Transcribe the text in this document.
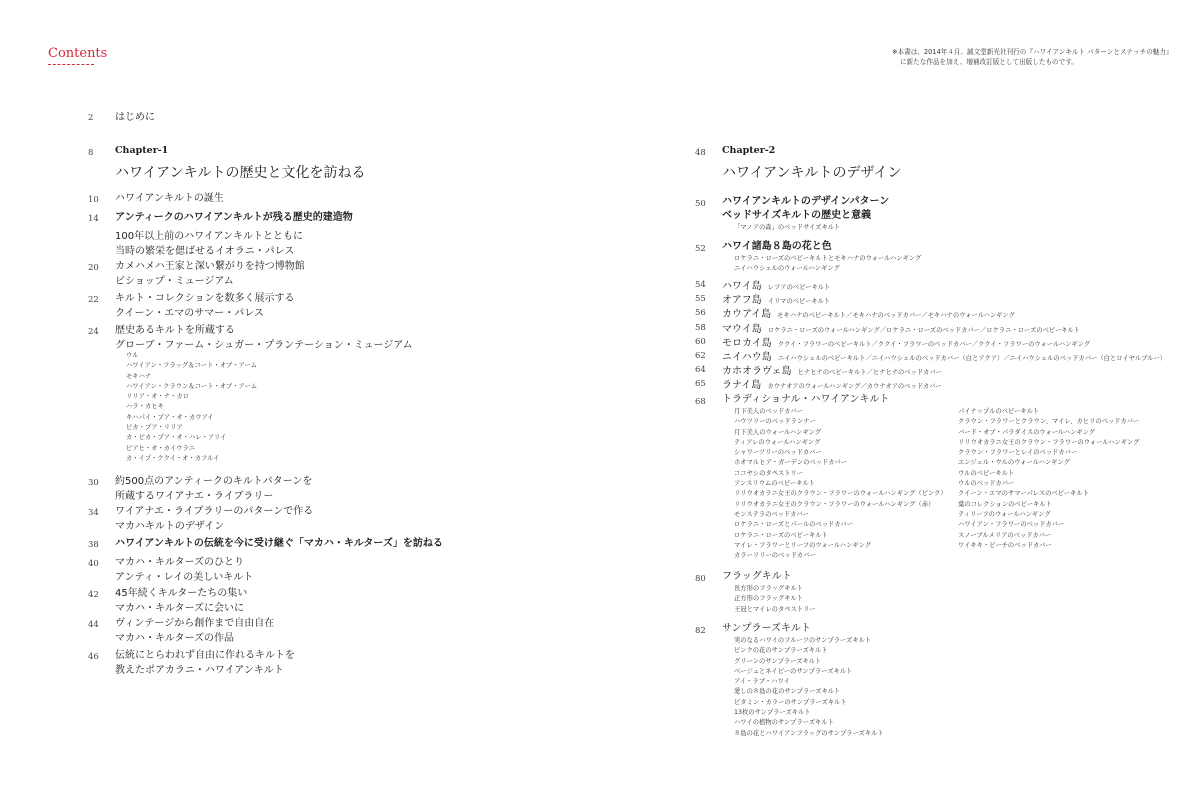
Contents	※本書は、2014年４月、誠文堂新光社刊行の『ハワイアンキルト パターンとステッチの魅力』
に新たな作品を加え、増補改訂版として出版したものです。
2 はじめに
8 Chapter-1
ハワイアンキルトの歴史と文化を訪ねる
10 ハワイアンキルトの誕生
14 アンティークのハワイアンキルトが残る歴史的建造物
100年以上前のハワイアンキルトとともに
当時の繁栄を偲ばせるイオラニ・パレス
20 カメハメハ王家と深い繋がりを持つ博物館
ビショップ・ミュージアム
22 キルト・コレクションを数多く展示する
クイーン・エマのサマー・パレス
24 歴史あるキルトを所蔵する
グローブ・ファーム・シュガー・プランテーション・ミュージアム
30 約500点のアンティークのキルトパターンを
所蔵するワイアナエ・ライブラリー
34 ワイアナエ・ライブラリーのパターンで作る
マカハキルトのデザイン
38 ハワイアンキルトの伝統を今に受け継ぐ「マカハ・キルターズ」を訪ねる
40 マカハ・キルターズのひとり
アンティ・レイの美しいキルト
42 45年続くキルターたちの集い
マカハ・キルターズに会いに
44 ヴィンテージから創作まで自由自在
マカハ・キルターズの作品
46 伝統にとらわれず自由に作れるキルトを
教えたポアカラニ・ハワイアンキルト
ウル
ハワイアン・フラッグ＆コート・オブ・アーム
モキハナ
ハワイアン・クラウン＆コート・オブ・アーム
リリア・オ・ナ・カロ
ハラ・カヒキ
キハパイ・プア・オ・カウアイ
ピカ・プア・リリア
カ・ピカ・プア・オ・ハレ・アリイ
ピアヒ・オ・カイウラニ
カ・イプ・ククイ・オ・カフルイ
48 Chapter-2
ハワイアンキルトのデザイン
50 ハワイアンキルトのデザインパターン
ベッドサイズキルトの歴史と意義
「マノアの森」のベッドサイズキルト
52 ハワイ諸島８島の花と色
ロケラニ・ローズのベビーキルトとモキハナのウォールハンギング
ニイハウシェルのウォールハンギング
54 ハワイ島 レフアのベビーキルト
55 オアフ島 イリマのベビーキルト
56 カウアイ島 モキハナのベビーキルト／モキハナのベッドカバー／モキハナのウォールハンギング
58 マウイ島 ロケラニ・ローズのウォールハンギング／ロケラニ・ローズのベッドカバー／ロケラニ・ローズのベビーキルト
60 モロカイ島 ククイ・フラワーのベビーキルト／ククイ・フラワーのベッドカバー／ククイ・フラワーのウォールハンギング
62 ニイハウ島 ニイハウシェルのベビーキルト／ニイハウシェルのベッドカバー（白とアクア）／ニイハウシェルのベッドカバー（白とロイヤルブルー）
64 カホオラヴェ島 ヒナヒナのベビーキルト／ヒナヒナのベッドカバー
65 ラナイ島 カウナオアのウォールハンギング／カウナオアのベッドカバー
68 トラディショナル・ハワイアンキルト
月下美人のベッドカバー
ハウツリーのベッドランナー
月下美人のウォールハンギング
ティアレのウォールハンギング
シャワーツリーのベッドカバー
ホオマルヒア・ガーデンのベッドカバー
ココヤシのタペストリー
アンスリウムのベビーキルト
リリウオカラニ女王のクラウン・フラワーのウォールハンギング（ピンク）
リリウオカラニ女王のクラウン・フラワーのウォールハンギング（赤）
モンステラのベッドカバー
ロケラニ・ローズとパールのベッドカバー
ロケラニ・ローズのベビーキルト
マイレ・フラワーとリーフのウォールハンギング
カラーリリーのベッドカバー
パイナップルのベビーキルト
クラウン・フラワーとクラウン、マイレ、カヒリのベッドカバー
バード・オブ・パラダイスのウォールハンギング
リリウオカラニ女王のクラウン・フラワーのウォールハンギング
クラウン・フラワーとレイのベッドカバー
エンジェル・ウルのウォールハンギング
ウルのベビーキルト
ウルのベッドカバー
クイーン・エマのサマーパレスのベビーキルト
葉のコレクションのベビーキルト
ティリーフのウォールハンギング
ハワイアン・フラワーのベッドカバー
スノーブルメリアのベッドカバー
ワイキキ・ビーチのベッドカバー
80 フラッグキルト
長方形のフラッグキルト
正方形のフラッグキルト
王冠とマイレのタペストリー
82 サンプラーズキルト
実のなるハワイのフルーツのサンプラーズキルト
ピンクの花のサンプラーズキルト
グリーンのサンプラーズキルト
ベージュとネイビーのサンプラーズキルト
アイ・ラブ・ハワイ
愛しの８島の花のサンプラーズキルト
ビタミン・カラーのサンプラーズキルト
13枚のサンプラーズキルト
ハワイの植物のサンプラーズキルト
８島の花とハワイアンフラッグのサンプラーズキルト
